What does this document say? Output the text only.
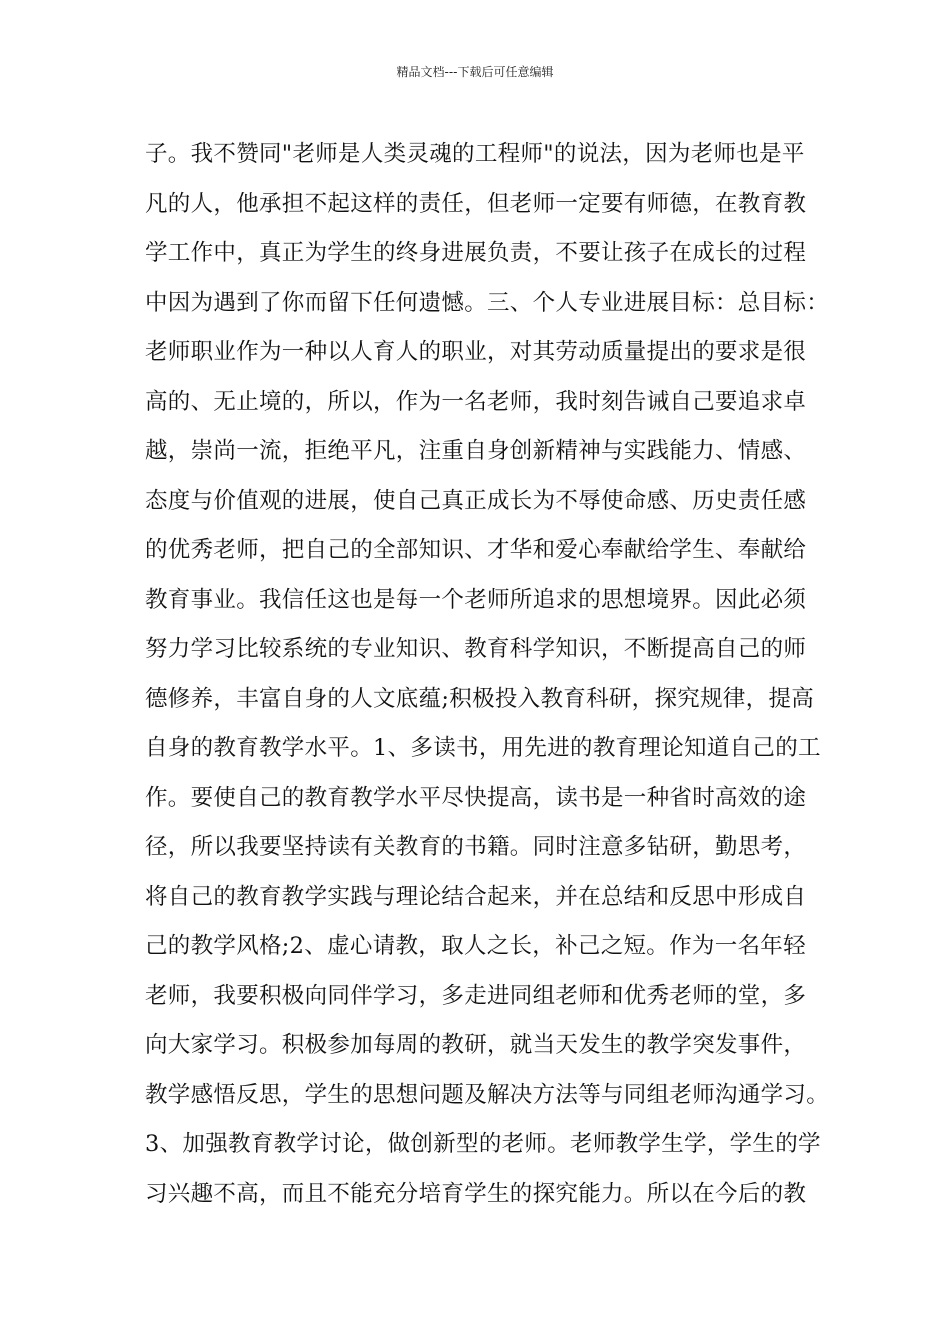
精品文档---下载后可任意编辑
子。我不赞同"老师是人类灵魂的工程师"的说法，因为老师也是平
凡的人，他承担不起这样的责任，但老师一定要有师德，在教育教
学工作中，真正为学生的终身进展负责，不要让孩子在成长的过程
中因为遇到了你而留下任何遗憾。三、个人专业进展目标：总目标：
老师职业作为一种以人育人的职业，对其劳动质量提出的要求是很
高的、无止境的，所以，作为一名老师，我时刻告诫自己要追求卓
越，崇尚一流，拒绝平凡，注重自身创新精神与实践能力、情感、
态度与价值观的进展，使自己真正成长为不辱使命感、历史责任感
的优秀老师，把自己的全部知识、才华和爱心奉献给学生、奉献给
教育事业。我信任这也是每一个老师所追求的思想境界。因此必须
努力学习比较系统的专业知识、教育科学知识，不断提高自己的师
德修养，丰富自身的人文底蕴;积极投入教育科研，探究规律，提高
自身的教育教学水平。1、多读书，用先进的教育理论知道自己的工
作。要使自己的教育教学水平尽快提高，读书是一种省时高效的途
径，所以我要坚持读有关教育的书籍。同时注意多钻研，勤思考，
将自己的教育教学实践与理论结合起来，并在总结和反思中形成自
己的教学风格;2、虚心请教，取人之长，补己之短。作为一名年轻
老师，我要积极向同伴学习，多走进同组老师和优秀老师的堂，多
向大家学习。积极参加每周的教研，就当天发生的教学突发事件，
教学感悟反思，学生的思想问题及解决方法等与同组老师沟通学习。
3、加强教育教学讨论，做创新型的老师。老师教学生学，学生的学
习兴趣不高，而且不能充分培育学生的探究能力。所以在今后的教
